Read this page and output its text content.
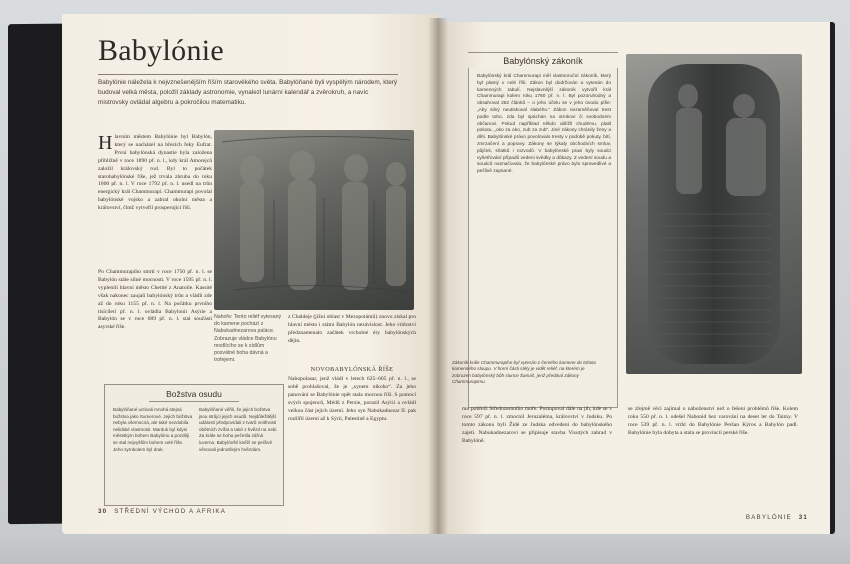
Babylónie
Babylónie náležela k nejvznešenějším říším starověkého světa. Babylóňané byli vyspělým národem, který budoval velká města, položil základy astronomie, vynalezl lunární kalendář a zvěrokruh, a navíc mistrovsky ovládal algebru a pokročilou matematiku.
H lavním městem Babylónie byl Babylón, který se nacházel na březích řeky Eufrat. První babylónská dynastie byla založena přibližně v roce 1890 př. n. l., kdy král Amorejců založil královský rod. Byl to počátek starobabylónské říše, jež trvala zhruba do roku 1600 př. n. l. V roce 1792 př. n. l. usedl na trůn energický král Chammurapi. Chammurapi povolal babylónské vojsko a zabral okolní města a království, čímž vytvořil prosperující říši.
Po Chammurapiho smrti v roce 1750 př. n. l. se Babylón stále silné mocnosti. V roce 1595 př. n. l. vyplenili hlavní město Chetité z Anatolie. Kassité však nakonec zaujali babylónský trůn a vládli zde až do roku 1155 př. n. l. Na počátku prvního tisíciletí př. n. l. ovládla Babylonii Asýrie a Babylón se v roce 689 př. n. l. stal součástí asyrské říše.
Nahoře: Tento reliéf vytesaný do kamene pochází z Nabukadnezarova paláce. Zobrazuje vládce Babylónu modlícího se k sídlům posvátné boha dávná a trofejemi.
z Chaldeje (jižní oblast v Mezopotámii) znovu získal pro hlavní město i státní Babylón nezávislost. Jeho vítězství předznamenalo začátek vrcholné éry babylónských dějin.
NOVOBABYLÓNSKÁ ŘÍŠE
Nabopolasar, jenž vládl v letech 625–605 př. n. l., se sobě prohlašoval, že je „synem nikoho“. Za jeho panování se Babylónie opět stala mocnou říší. S pomocí svých spojenců, Médů z Persie, porazil Asýrii a ovládl velkou část jejích území. Jeho syn Nabukadnezar II. pak rozšířil území až k Sýrii, Palestině a Egyptu.
Božstva osudu
Babylóňané uctívali mnohá stejná božstva jako Sumerové. Jejich božstva nebyla všemocná, ale také nezdobila nelidské vlastnosti. Marduk byl kdysi městským bohem Babylónu a později se stal nejvyšším bohem celé říše. Jeho symbolem byl drak.
Babylóňané věřili, že jejich božstva jsou strůjci jejich osudů. Nejdůležitější událostí předpovídali z tvarů vnitřností obětních zvířat a také z hvězd na nebi. Za krále se boha pečetila zářná lucerna. Babylónští kněží se pečlivě věnovali jednotlivým hvězdám.
30 STŘEDNÍ VÝCHOD A AFRIKA
Babylónský zákoník
Babylónský král Chammurapi měl vlastnoruční zákoník, který byl platný v celé říši. Zákon byl dodržován a vytesán do kamenných tabulí. Nejslavnější zákoník vytvořil král Chammurapi kolem roku 1760 př. n. l. Byl pozoruhodný a obsahoval 282 článků – o jeho účelu se v jeho úvodu píše: „Aby silný neutiskoval slabého.“ Zákon nezaměňoval trest podle toho, zda byl spáchán na otrokovi či svobodném občanovi. Pokud například někdo ublížil chudému, platil pokutu, „oko za oko, zub za zub“. Jiné zákony chránily ženy a děti. Babylónské právo povolovalo tresty v podobě pokuty, bití, zmrzačení a popravy. Zákony se týkaly obchodních smluv, půjček, sňatků i rozvodů. V babylónské praxi byly soudci vyšetřování případů vedeni svědky a důkazy. Z vedení soudu a soudců naznačovalo, že babylónské právo bylo spravedlivé a pečlivě zapsané.
Zákoník krále Chammurapiho byl vytesán z černého kamene do tohoto kamenného sloupu. V horní části stély je vidět reliéf, na kterém je zobrazen babylónský bůh slunce Šamaš, jenž předává zákony Chammurapimu.
mu pobřeží Středozemního moře. Postupoval dále na jih, kde se v roce 597 př. n. l. zmocnil Jeruzaléma, království v Judsku. Po tomto zákonu byli Židé ze Judska odvedeni do babylónského zajetí. Nabukadnezarovi se připisuje stavba Visutých zahrad v Babylóně.
se zřejmě věci zajímal o náboženství než o řešení problémů říše. Kolem roku 550 př. n. l. odešel Nabonid bez varování na deset let do Taimy. V roce 539 př. n. l. vtrhl do Babylónie Peršan Kýros a Babylón padl. Babylónie byla dobyta a stala se provincií perské říše.
BABYLÓNIE 31
